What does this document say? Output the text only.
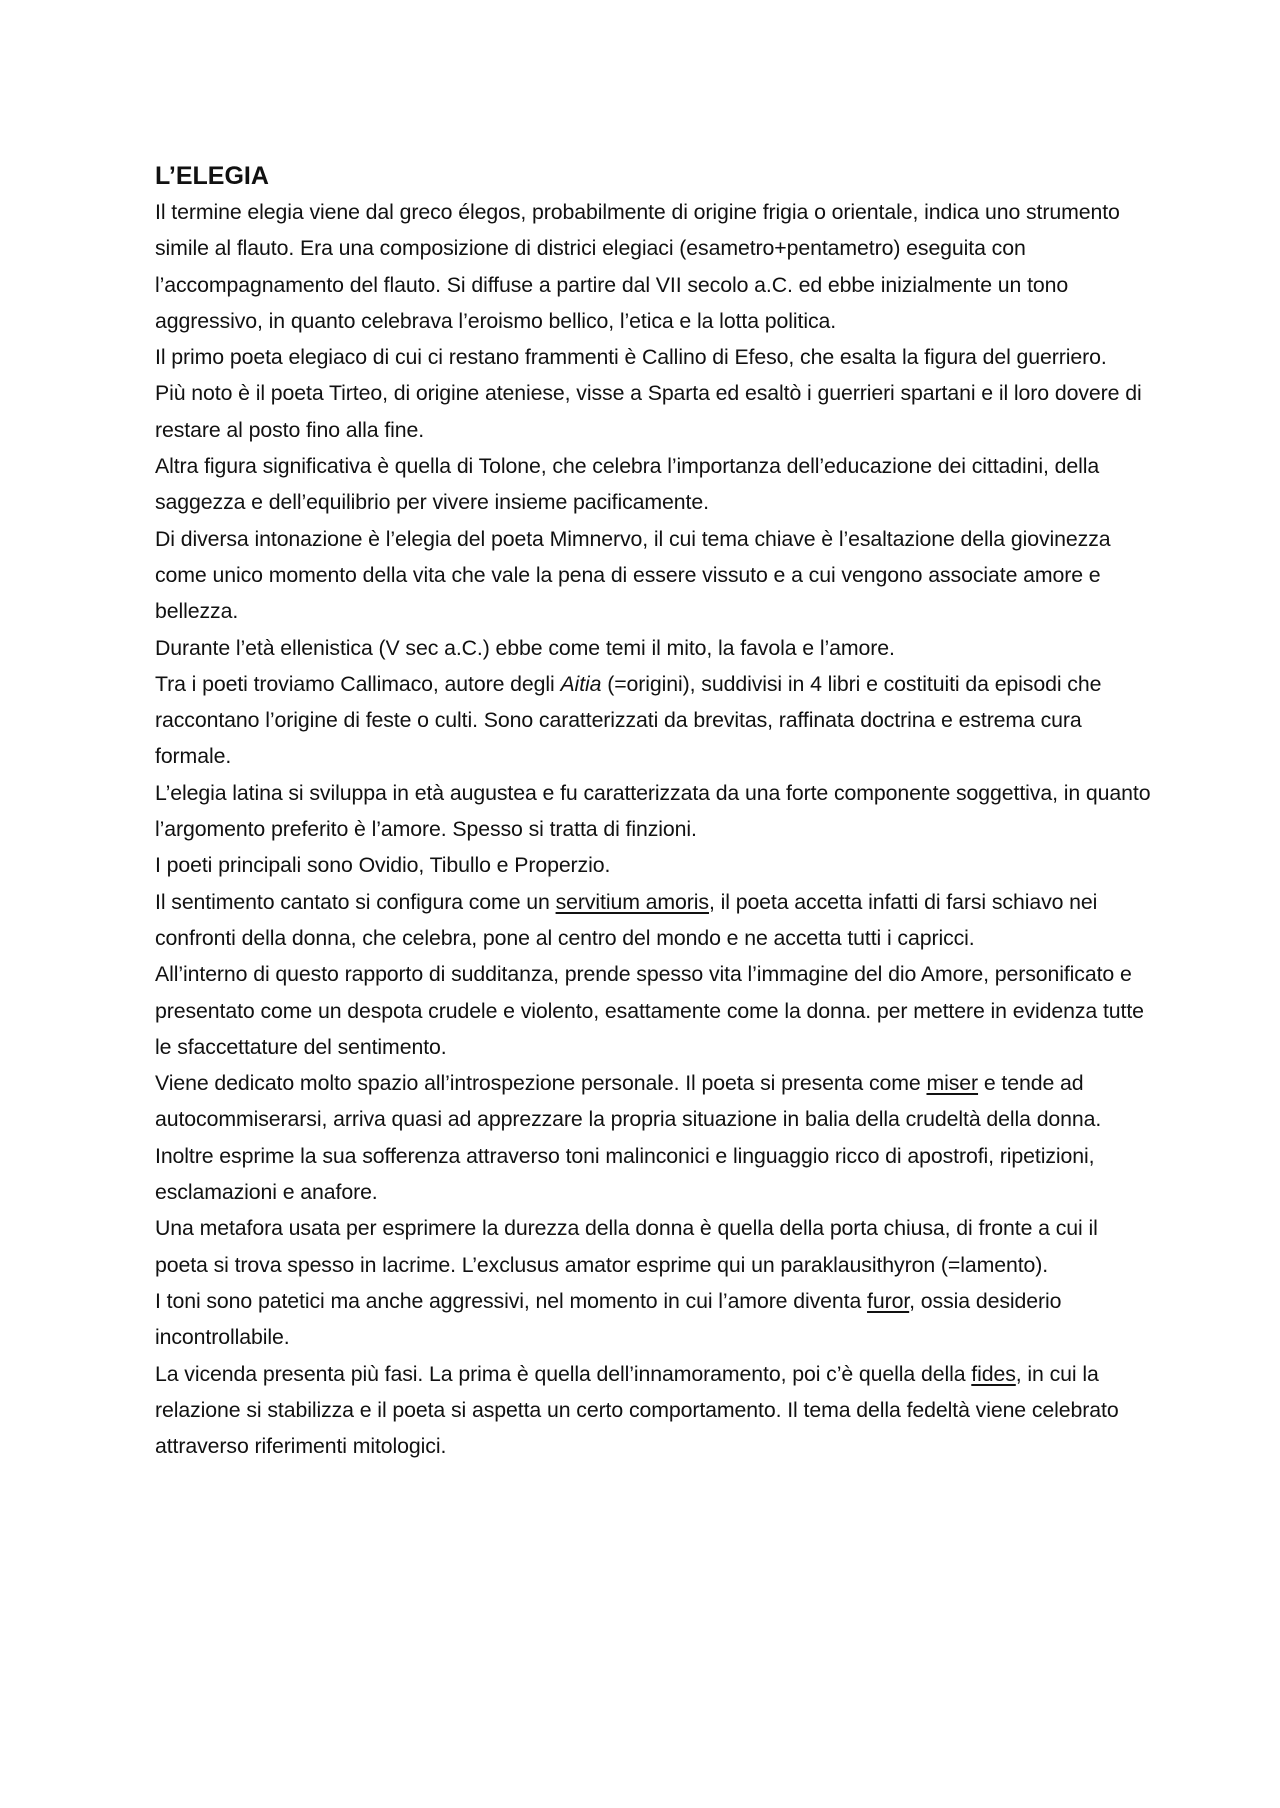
L’ELEGIA

Il termine elegia viene dal greco élegos, probabilmente di origine frigia o orientale, indica uno strumento simile al flauto. Era una composizione di districi elegiaci (esametro+pentametro) eseguita con l’accompagnamento del flauto. Si diffuse a partire dal VII secolo a.C. ed ebbe inizialmente un tono aggressivo, in quanto celebrava l’eroismo bellico, l’etica e la lotta politica.

Il primo poeta elegiaco di cui ci restano frammenti è Callino di Efeso, che esalta la figura del guerriero.

Più noto è il poeta Tirteo, di origine ateniese, visse a Sparta ed esaltò i guerrieri spartani e il loro dovere di restare al posto fino alla fine.

Altra figura significativa è quella di Tolone, che celebra l’importanza dell’educazione dei cittadini, della saggezza e dell’equilibrio per vivere insieme pacificamente.

Di diversa intonazione è l’elegia del poeta Mimnervo, il cui tema chiave è l’esaltazione della giovinezza come unico momento della vita che vale la pena di essere vissuto e a cui vengono associate amore e bellezza.

Durante l’età ellenistica (V sec a.C.) ebbe come temi il mito, la favola e l’amore.

Tra i poeti troviamo Callimaco, autore degli Aitia (=origini), suddivisi in 4 libri e costituiti da episodi che raccontano l’origine di feste o culti. Sono caratterizzati da brevitas, raffinata doctrina e estrema cura formale.

L’elegia latina si sviluppa in età augustea e fu caratterizzata da una forte componente soggettiva, in quanto l’argomento preferito è l’amore. Spesso si tratta di finzioni.

I poeti principali sono Ovidio, Tibullo e Properzio.

Il sentimento cantato si configura come un servitium amoris, il poeta accetta infatti di farsi schiavo nei confronti della donna, che celebra, pone al centro del mondo e ne accetta tutti i capricci.

All’interno di questo rapporto di sudditanza, prende spesso vita l’immagine del dio Amore, personificato e presentato come un despota crudele e violento, esattamente come la donna. per mettere in evidenza tutte le sfaccettature del sentimento.

Viene dedicato molto spazio all’introspezione personale. Il poeta si presenta come miser e tende ad autocommiserarsi, arriva quasi ad apprezzare la propria situazione in balia della crudeltà della donna. Inoltre esprime la sua sofferenza attraverso toni malinconici e linguaggio ricco di apostrofi, ripetizioni, esclamazioni e anafore.

Una metafora usata per esprimere la durezza della donna è quella della porta chiusa, di fronte a cui il poeta si trova spesso in lacrime. L’exclusus amator esprime qui un paraklausithyron (=lamento).

I toni sono patetici ma anche aggressivi, nel momento in cui l’amore diventa furor, ossia desiderio incontrollabile.

La vicenda presenta più fasi. La prima è quella dell’innamoramento, poi c’è quella della fides, in cui la relazione si stabilizza e il poeta si aspetta un certo comportamento. Il tema della fedeltà viene celebrato attraverso riferimenti mitologici.
